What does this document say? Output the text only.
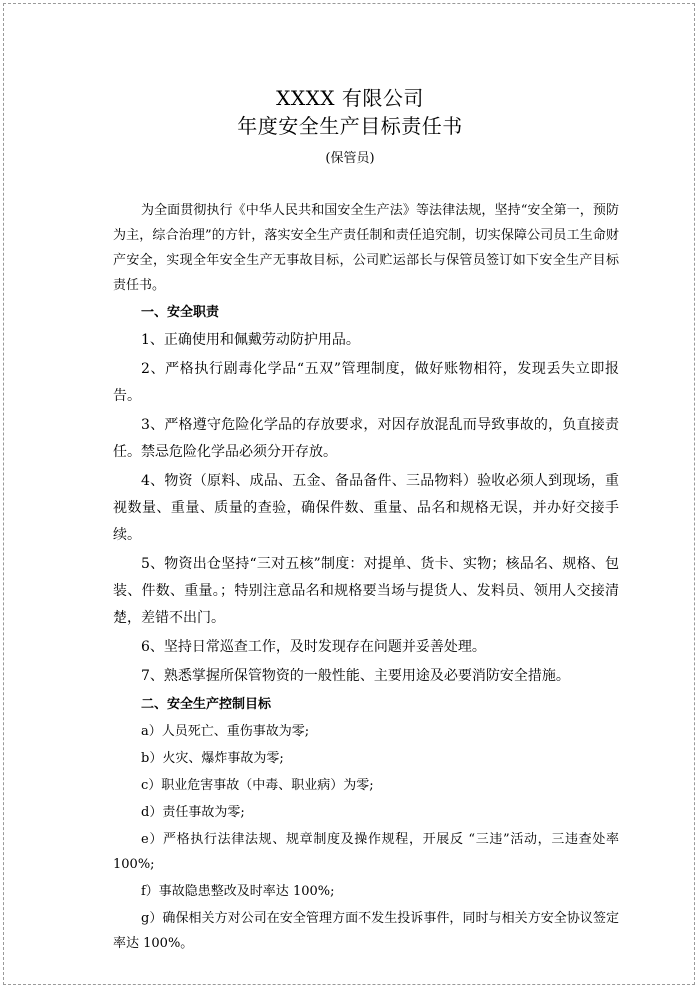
XXXX 有限公司
年度安全生产目标责任书
(保管员)

为全面贯彻执行《中华人民共和国安全生产法》等法律法规，坚持“安全第一，预防为主，综合治理”的方针，落实安全生产责任制和责任追究制，切实保障公司员工生命财产安全，实现全年安全生产无事故目标，公司贮运部长与保管员签订如下安全生产目标责任书。

一、安全职责

1、正确使用和佩戴劳动防护用品。

2、严格执行剧毒化学品“五双”管理制度，做好账物相符，发现丢失立即报告。

3、严格遵守危险化学品的存放要求，对因存放混乱而导致事故的，负直接责任。禁忌危险化学品必须分开存放。

4、物资（原料、成品、五金、备品备件、三品物料）验收必须人到现场，重视数量、重量、质量的查验，确保件数、重量、品名和规格无误，并办好交接手续。

5、物资出仓坚持“三对五核”制度：对提单、货卡、实物；核品名、规格、包装、件数、重量。；特别注意品名和规格要当场与提货人、发料员、领用人交接清楚，差错不出门。

6、坚持日常巡查工作，及时发现存在问题并妥善处理。

7、熟悉掌握所保管物资的一般性能、主要用途及必要消防安全措施。

二、安全生产控制目标

a）人员死亡、重伤事故为零;

b）火灾、爆炸事故为零;

c）职业危害事故（中毒、职业病）为零;

d）责任事故为零;

e）严格执行法律法规、规章制度及操作规程，开展反 “三违”活动，三违查处率100%;

f）事故隐患整改及时率达 100%;

g）确保相关方对公司在安全管理方面不发生投诉事件，同时与相关方安全协议签定率达 100%。
